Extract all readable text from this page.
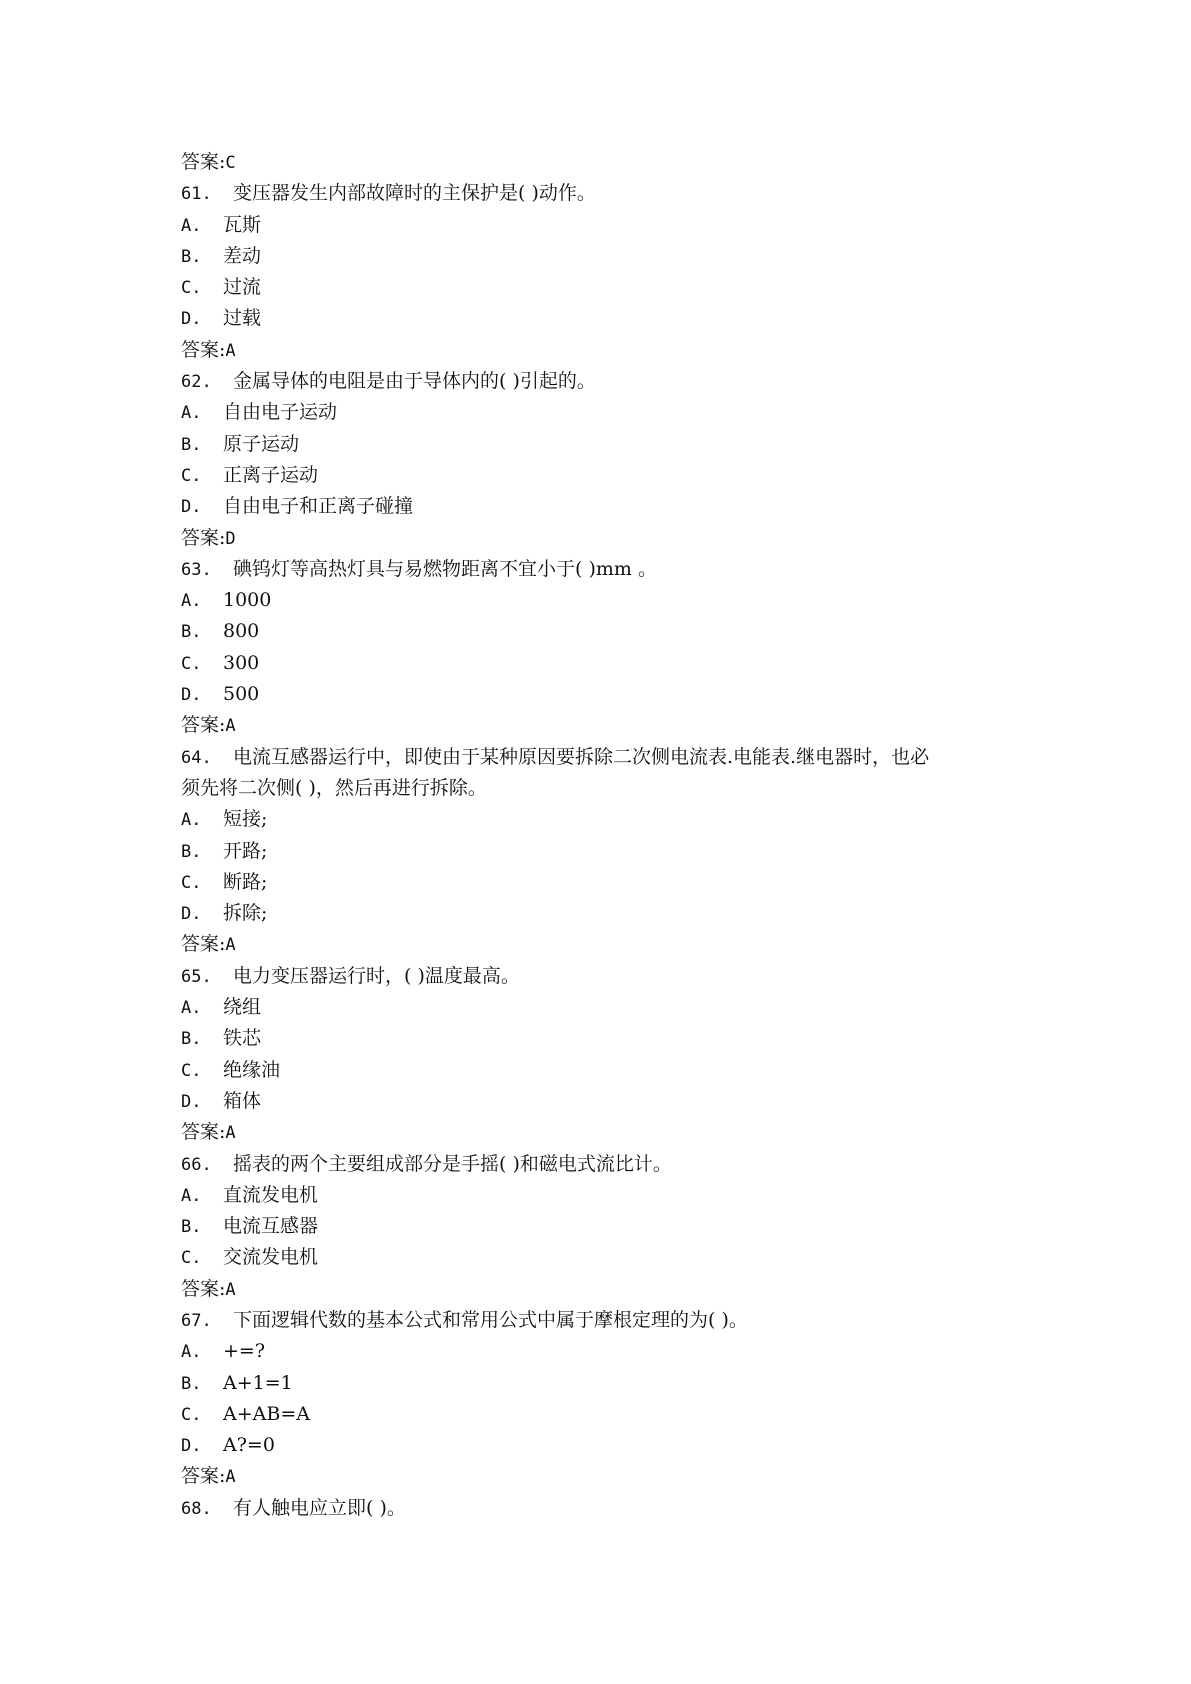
答案:C
61. 变压器发生内部故障时的主保护是( )动作。
A. 瓦斯
B. 差动
C. 过流
D. 过载
答案:A
62. 金属导体的电阻是由于导体内的( )引起的。
A. 自由电子运动
B. 原子运动
C. 正离子运动
D. 自由电子和正离子碰撞
答案:D
63. 碘钨灯等高热灯具与易燃物距离不宜小于( )mm 。
A. 1000
B. 800
C. 300
D. 500
答案:A
64. 电流互感器运行中，即使由于某种原因要拆除二次侧电流表.电能表.继电器时，也必
须先将二次侧( )，然后再进行拆除。
A. 短接;
B. 开路;
C. 断路;
D. 拆除;
答案:A
65. 电力变压器运行时，( )温度最高。
A. 绕组
B. 铁芯
C. 绝缘油
D. 箱体
答案:A
66. 摇表的两个主要组成部分是手摇( )和磁电式流比计。
A. 直流发电机
B. 电流互感器
C. 交流发电机
答案:A
67. 下面逻辑代数的基本公式和常用公式中属于摩根定理的为( )。
A. +=?
B. A+1=1
C. A+AB=A
D. A?=0
答案:A
68. 有人触电应立即( )。
